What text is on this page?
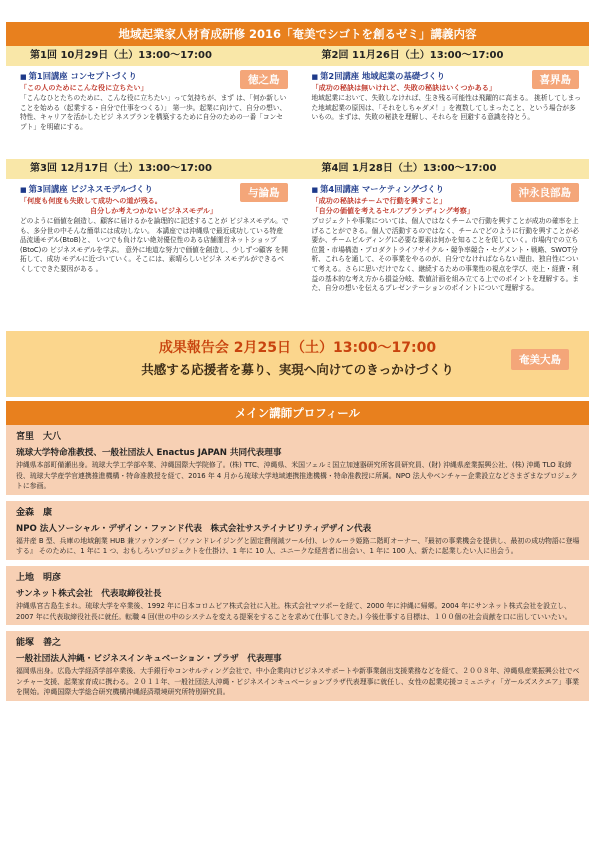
地域起業家人材育成研修 2016「奄美でシゴトを創るゼミ」講義内容
第1回 10月29日（土）13:00～17:00	第2回 11月26日（土）13:00～17:00
■ 第1回講座 コンセプトづくり
「この人のためにこんな役に立ちたい」
「こんなひとたちのために、こんな役に立ちたい」って気持ちが、まず は、「何か新しいことを始める（起業する・自分で仕事をつくる）」 第一歩。起業に向けて、自分の想い、特性、キャリアを活かしたビジ ネスプランを構築するために自分のための一番「コンセプト」を明確にする。
徳之島	■ 第2回講座 地域起業の基礎づくり
「成功の秘訣は無いけれど、失敗の秘訣はいくつかある」
地域起業において、失敗しなければ、生き残る可能性は飛躍的に高まる。 挑析してしまった地域起業の原因は、「それをしちゃダメ！」を複数してしまったこと、という場合が多いもの。まずは、失敗の秘訣を理解し、それらを 回避する意識を持とう。
喜界島
第3回 12月17日（土）13:00～17:00	第4回 1月28日（土）13:00～17:00
■ 第3回講座 ビジネスモデルづくり
「何度も何度も失敗して成功への道が残る。
自分しか考えつかないビジネスモデル」
どのように価値を創造し、顧客に届けるかを論理的に記述することが ビジネスモデル。でも、多分世の中そんな簡単には成功しない。 本講座では沖縄県で最近成功している特産品流通モデル(BtoB)と、 いつでも負けない絶対優位性のある店舗運営ネットショップ(BtoC)の ビジネスモデルを学ぶ。 意外に地道な努力で価値を創造し、少しずつ顧客 を開拓して、成功 モデルに近づいていく。そこには、素晴らしいビジネ スモデルができるべくしてできた要因がある 。
与論島	■ 第4回講座 マーケティングづくり
「成功の秘訣はチームで行動を興すこと」
「自分の価値を考えるセルフブランディング考察」
プロジェクトや事業については、個人ではなくチームで行動を興すことが成功の確率を上げることができる。個人で活動するのではなく、チームでどのように行動を興すことが必要か、チームビルディングに必要な要素は何かを知ることを促していく。市場内での立ち位置・市場構造・プロダクトライフサイクル・競争率競合・セグメント・戦略、SWOT分析、これらを通して、その事業をやるのが、自分でなければならない理由、独自性について考える。さらに思いだけでなく、継続するための事業性の視点を学び、売上・経費・利益の基本的な考え方から損益分岐、数値計画を組み立てる上でのポイントを理解する。また、自分の想いを伝えるプレゼンテーションのポイントについて理解する。
沖永良部島
成果報告会 2月25日（土）13:00～17:00
共感する応援者を募り、実現へ向けてのきっかけづくり
奄美大島
メイン講師プロフィール
宮里　大八
琉球大学特命准教授、一般社団法人 Enactus JAPAN 共同代表理事
沖縄県本部町備瀬出身。琉球大学工学部卒業、沖縄国際大学院修了。(株) TTC、沖縄県、米国フェルミ国立加速器研究所客員研究員、(財) 沖縄県産業振興公社、(株) 沖縄 TLO 取締役、琉球大学産学官連携推進機構・特命准教授を経て、2016 年 4 月から琉球大学地域連携推進機構・特命准教授に所属。NPO 法人やベンチャー企業設立などさまざまなプロジェクトに参画。
金森　康
NPO 法人ソーシャル・デザイン・ファンド代表　株式会社サステイナビリティデザイン代表
福井産 B 型、兵庫の地域創業 HUB 兼ファウンダー（ファンドレイジングと固定費削減ツール付)、レウルーラ姫路二階町オーナー、『最初の事業機会を提供し、最初の成功物語に登場する』 そのために、1 年に 1 つ、おもしろいプロジェクトを仕掛け、1 年に 10 人、ユニークな経営者に出会い、1 年に 100 人、新たに起業したい人に出会う。
上地　明彦
サンネット株式会社　代表取締役社長
沖縄県宮古島生まれ。琉球大学を卒業後、1992 年に日本コロムビア株式会社に入社。株式会社マツポーを経て、2000 年に沖縄に帰郷。2004 年にサンネット株式会社を設立し、2007 年に代表取締役社長に就任。転職 4 回(世の中のシステムを変える提案をすることを求めて仕事してきた。) 今後仕事する目標は、１００個の社会貢献を口に出していいたい。
能塚　善之
一般社団法人沖縄・ビジネスインキュベーション・プラザ　代表理事
福岡県出身。広島大学経済学部卒業後、大手銀行やコンサルティング会社で、中小企業向けビジネスサポートや新事業創出支援業務などを経て、２００８年、沖縄県産業振興公社でベンチャー支援、起業家育成に携わる。２０１１年、一般社団法人沖縄・ビジネスインキュベーションプラザ代表理事に就任し、女性の起業応援コミュニティ「ガールズスクエア」事業を開始。沖縄国際大学総合研究機構沖縄経済環境研究所特別研究員。
